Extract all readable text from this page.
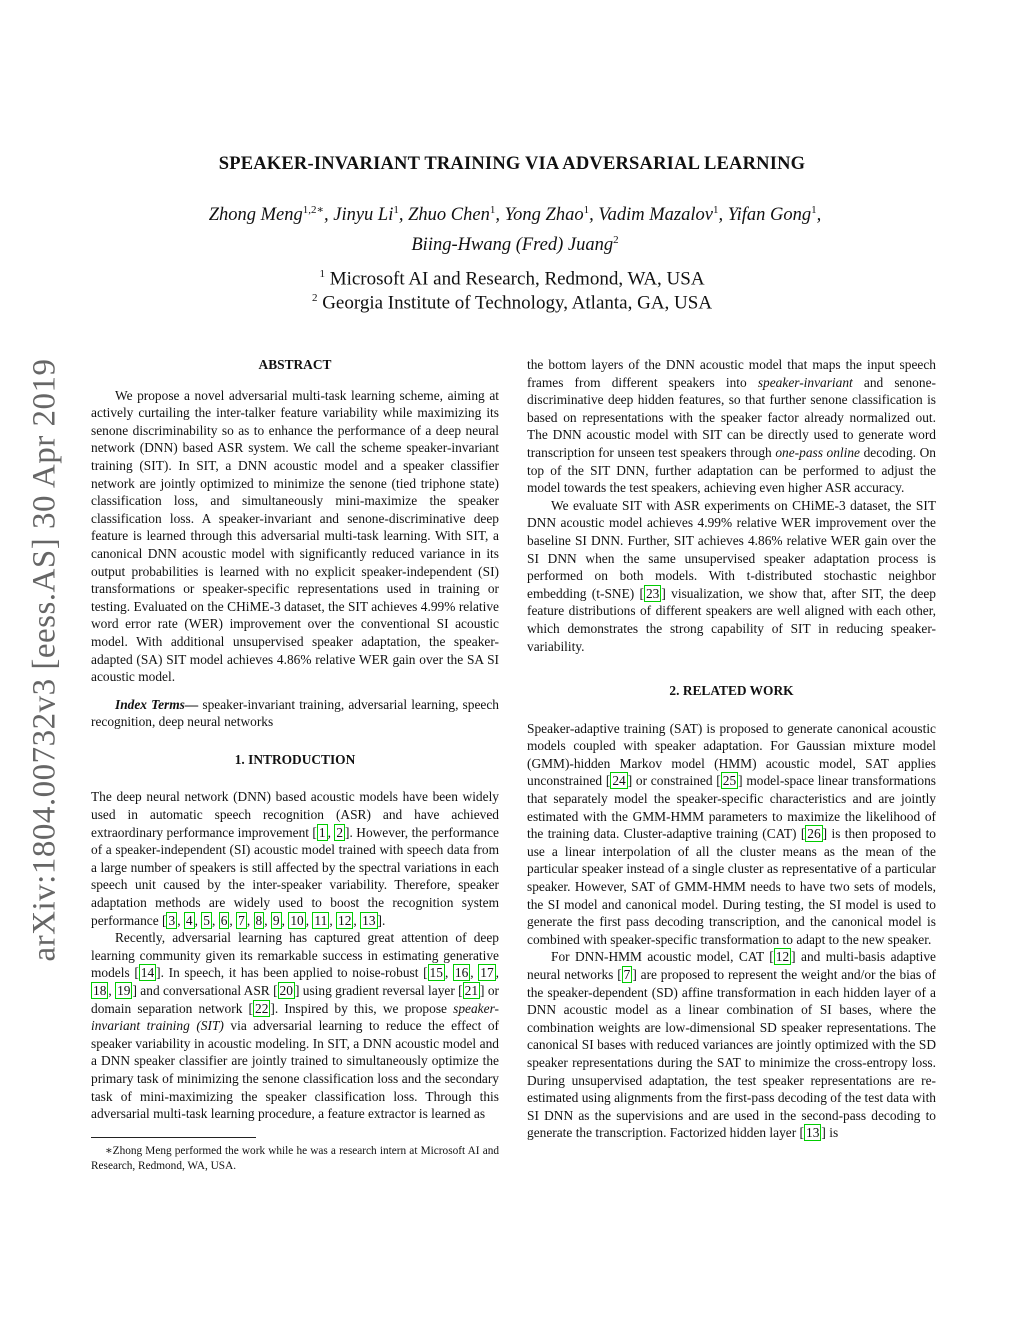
arXiv:1804.00732v3 [eess.AS] 30 Apr 2019
SPEAKER-INVARIANT TRAINING VIA ADVERSARIAL LEARNING
Zhong Meng$^{1,2∗}$, Jinyu Li$^1$, Zhuo Chen$^1$, Yong Zhao$^1$, Vadim Mazalov$^1$, Yifan Gong$^1$,
Biing-Hwang (Fred) Juang$^2$
$^1$ Microsoft AI and Research, Redmond, WA, USA
$^2$ Georgia Institute of Technology, Atlanta, GA, USA
ABSTRACT

We propose a novel adversarial multi-task learning scheme, aiming at actively curtailing the inter-talker feature variability while maximizing its senone discriminability so as to enhance the performance of a deep neural network (DNN) based ASR system. We call the scheme speaker-invariant training (SIT). In SIT, a DNN acoustic model and a speaker classifier network are jointly optimized to minimize the senone (tied triphone state) classification loss, and simultaneously mini-maximize the speaker classification loss. A speaker-invariant and senone-discriminative deep feature is learned through this adversarial multi-task learning. With SIT, a canonical DNN acoustic model with significantly reduced variance in its output probabilities is learned with no explicit speaker-independent (SI) transformations or speaker-specific representations used in training or testing. Evaluated on the CHiME-3 dataset, the SIT achieves 4.99% relative word error rate (WER) improvement over the conventional SI acoustic model. With additional unsupervised speaker adaptation, the speaker-adapted (SA) SIT model achieves 4.86% relative WER gain over the SA SI acoustic model.

Index Terms— speaker-invariant training, adversarial learning, speech recognition, deep neural networks

1. INTRODUCTION

The deep neural network (DNN) based acoustic models have been widely used in automatic speech recognition (ASR) and have achieved extraordinary performance improvement [ 1 , 2 ]. However, the performance of a speaker-independent (SI) acoustic model trained with speech data from a large number of speakers is still affected by the spectral variations in each speech unit caused by the inter-speaker variability. Therefore, speaker adaptation methods are widely used to boost the recognition system performance [ 3 , 4 , 5 , 6 , 7 , 8 , 9 , 10 , 11 , 12 , 13 ].

Recently, adversarial learning has captured great attention of deep learning community given its remarkable success in estimating generative models [ 14 ]. In speech, it has been applied to noise-robust [ 15 , 16 , 17 , 18 , 19 ] and conversational ASR [ 20 ] using gradient reversal layer [ 21 ] or domain separation network [ 22 ]. Inspired by this, we propose speaker-invariant training (SIT) via adversarial learning to reduce the effect of speaker variability in acoustic modeling. In SIT, a DNN acoustic model and a DNN speaker classifier are jointly trained to simultaneously optimize the primary task of minimizing the senone classification loss and the secondary task of mini-maximizing the speaker classification loss. Through this adversarial multi-task learning procedure, a feature extractor is learned as

∗Zhong Meng performed the work while he was a research intern at Microsoft AI and Research, Redmond, WA, USA.

the bottom layers of the DNN acoustic model that maps the input speech frames from different speakers into speaker-invariant and senone-discriminative deep hidden features, so that further senone classification is based on representations with the speaker factor already normalized out. The DNN acoustic model with SIT can be directly used to generate word transcription for unseen test speakers through one-pass online decoding. On top of the SIT DNN, further adaptation can be performed to adjust the model towards the test speakers, achieving even higher ASR accuracy.

We evaluate SIT with ASR experiments on CHiME-3 dataset, the SIT DNN acoustic model achieves 4.99% relative WER improvement over the baseline SI DNN. Further, SIT achieves 4.86% relative WER gain over the SI DNN when the same unsupervised speaker adaptation process is performed on both models. With t-distributed stochastic neighbor embedding (t-SNE) [ 23 ] visualization, we show that, after SIT, the deep feature distributions of different speakers are well aligned with each other, which demonstrates the strong capability of SIT in reducing speaker-variability.

2. RELATED WORK

Speaker-adaptive training (SAT) is proposed to generate canonical acoustic models coupled with speaker adaptation. For Gaussian mixture model (GMM)-hidden Markov model (HMM) acoustic model, SAT applies unconstrained [ 24 ] or constrained [ 25 ] model-space linear transformations that separately model the speaker-specific characteristics and are jointly estimated with the GMM-HMM parameters to maximize the likelihood of the training data. Cluster-adaptive training (CAT) [ 26 ] is then proposed to use a linear interpolation of all the cluster means as the mean of the particular speaker instead of a single cluster as representative of a particular speaker. However, SAT of GMM-HMM needs to have two sets of models, the SI model and canonical model. During testing, the SI model is used to generate the first pass decoding transcription, and the canonical model is combined with speaker-specific transformation to adapt to the new speaker.

For DNN-HMM acoustic model, CAT [ 12 ] and multi-basis adaptive neural networks [ 7 ] are proposed to represent the weight and/or the bias of the speaker-dependent (SD) affine transformation in each hidden layer of a DNN acoustic model as a linear combination of SI bases, where the combination weights are low-dimensional SD speaker representations. The canonical SI bases with reduced variances are jointly optimized with the SD speaker representations during the SAT to minimize the cross-entropy loss. During unsupervised adaptation, the test speaker representations are re-estimated using alignments from the first-pass decoding of the test data with SI DNN as the supervisions and are used in the second-pass decoding to generate the transcription. Factorized hidden layer [ 13 ] is
